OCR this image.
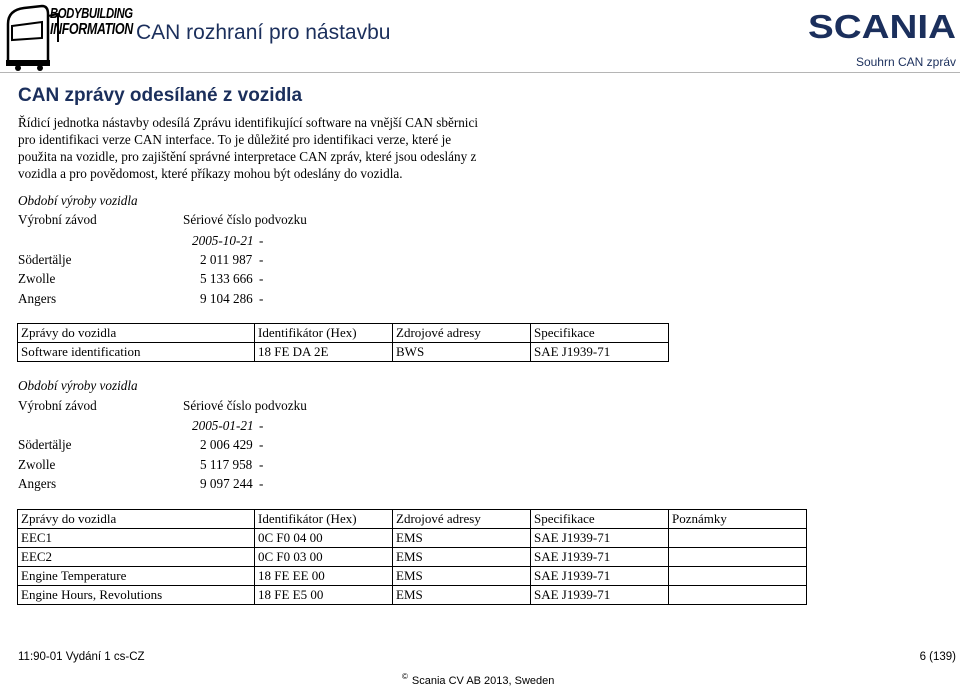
BODYBUILDING
INFORMATION CAN rozhraní pro nástavbu	SCANIA
Souhrn CAN zpráv
CAN zprávy odesílané z vozidla

Řídicí jednotka nástavby odesílá Zprávu identifikující software na vnější CAN sběrnici pro identifikaci verze CAN interface. To je důležité pro identifikaci verze, které je použita na vozidle, pro zajištění správné interpretace CAN zpráv, které jsou odeslány z vozidla a pro povědomost, které příkazy mohou být odeslány do vozidla.

Období výroby vozidla
Výrobní závod	Sériové číslo podvozku
2005-10-21 -
Södertälje	2 011 987 -
Zwolle	5 133 666 -
Angers	9 104 286 -
Zprávy do vozidla	Identifikátor (Hex)	Zdrojové adresy	Specifikace
Software identification	18 FE DA 2E	BWS	SAE J1939-71
Období výroby vozidla
Výrobní závod	Sériové číslo podvozku
2005-01-21 -
Södertälje	2 006 429 -
Zwolle	5 117 958 -
Angers	9 097 244 -
Zprávy do vozidla	Identifikátor (Hex)	Zdrojové adresy	Specifikace	Poznámky
EEC1	0C F0 04 00	EMS	SAE J1939-71	
EEC2	0C F0 03 00	EMS	SAE J1939-71	
Engine Temperature	18 FE EE 00	EMS	SAE J1939-71	
Engine Hours, Revolutions	18 FE E5 00	EMS	SAE J1939-71	
11:90-01 Vydání 1 cs-CZ	6 (139)
© Scania CV AB 2013, Sweden
